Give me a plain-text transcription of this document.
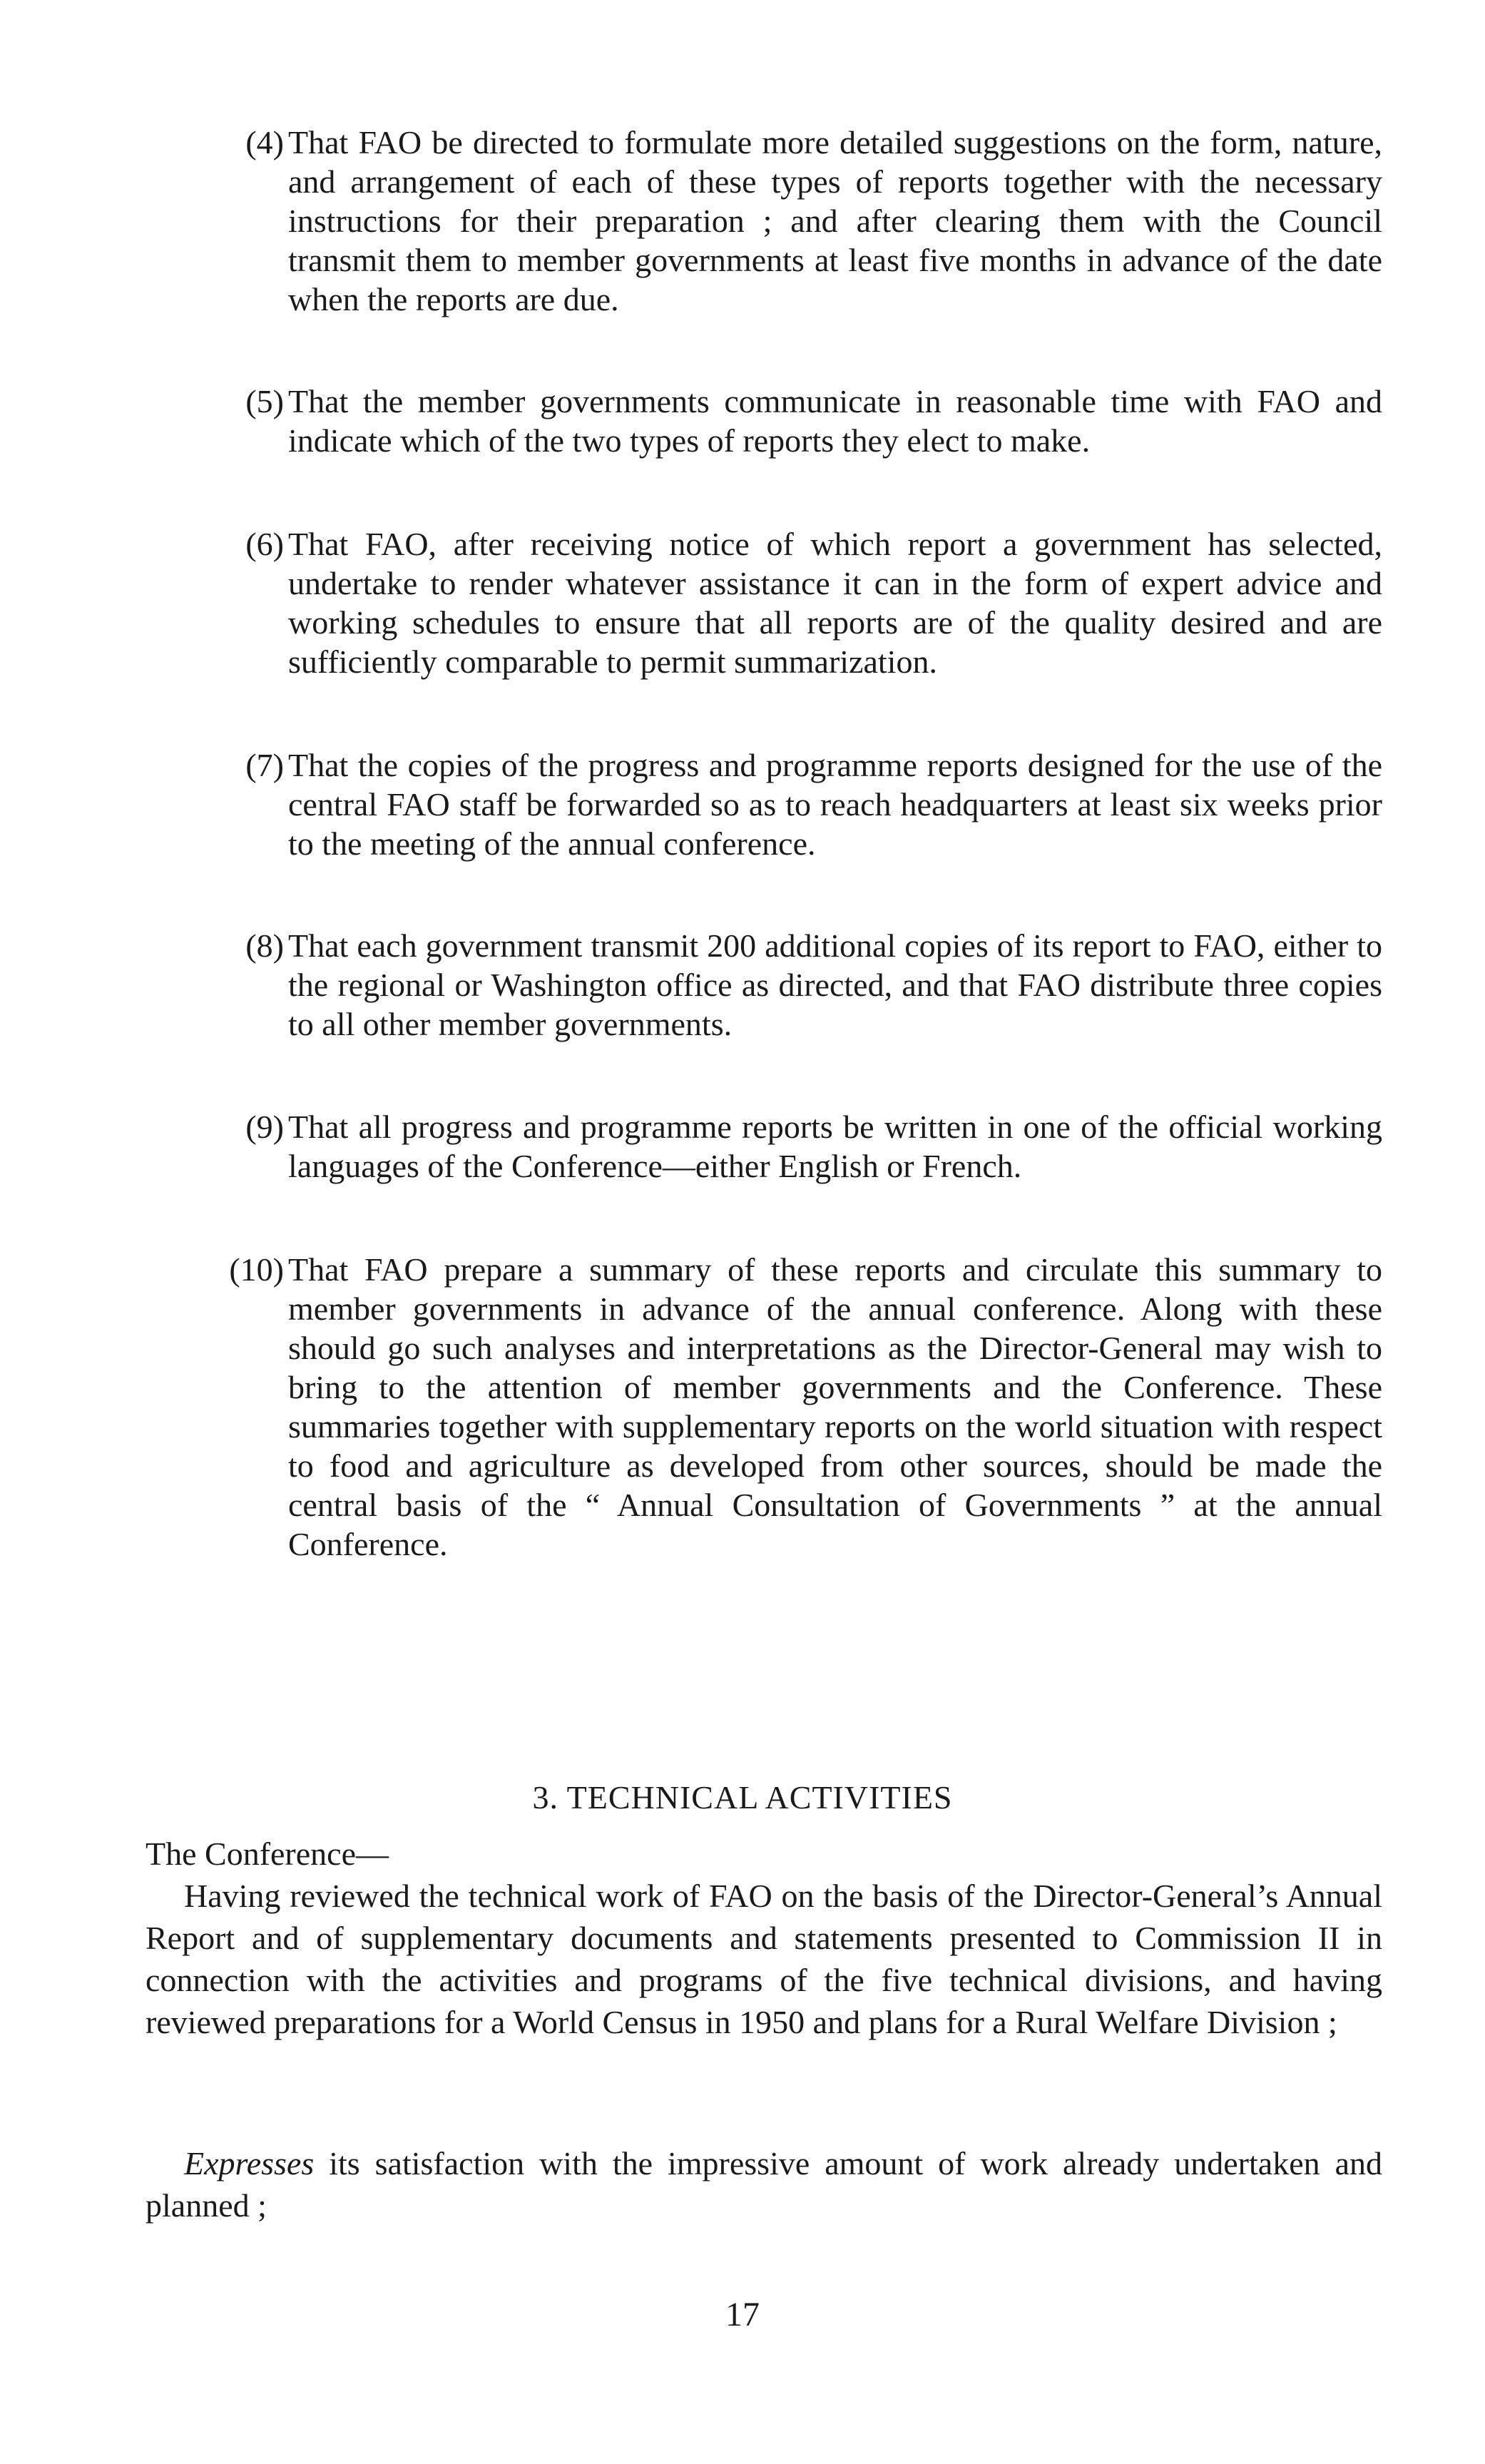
(4) That FAO be directed to formulate more detailed suggestions on the form, nature, and arrangement of each of these types of reports together with the necessary instructions for their preparation ; and after clearing them with the Council transmit them to member governments at least five months in advance of the date when the reports are due.
(5) That the member governments communicate in reasonable time with FAO and indicate which of the two types of reports they elect to make.
(6) That FAO, after receiving notice of which report a government has selected, undertake to render whatever assistance it can in the form of expert advice and working schedules to ensure that all reports are of the quality desired and are sufficiently comparable to permit summarization.
(7) That the copies of the progress and programme reports designed for the use of the central FAO staff be forwarded so as to reach headquarters at least six weeks prior to the meeting of the annual conference.
(8) That each government transmit 200 additional copies of its report to FAO, either to the regional or Washington office as directed, and that FAO distribute three copies to all other member governments.
(9) That all progress and programme reports be written in one of the official working languages of the Conference—either English or French.
(10) That FAO prepare a summary of these reports and circulate this summary to member governments in advance of the annual conference. Along with these should go such analyses and interpretations as the Director-General may wish to bring to the attention of member governments and the Conference. These summaries together with supplementary reports on the world situation with respect to food and agriculture as developed from other sources, should be made the central basis of the “ Annual Consultation of Governments ” at the annual Conference.
3. TECHNICAL ACTIVITIES
The Conference—
Having reviewed the technical work of FAO on the basis of the Director-General’s Annual Report and of supplementary documents and statements presented to Commission II in connection with the activities and programs of the five technical divisions, and having reviewed preparations for a World Census in 1950 and plans for a Rural Welfare Division ;
Expresses its satisfaction with the impressive amount of work already undertaken and planned ;
17
